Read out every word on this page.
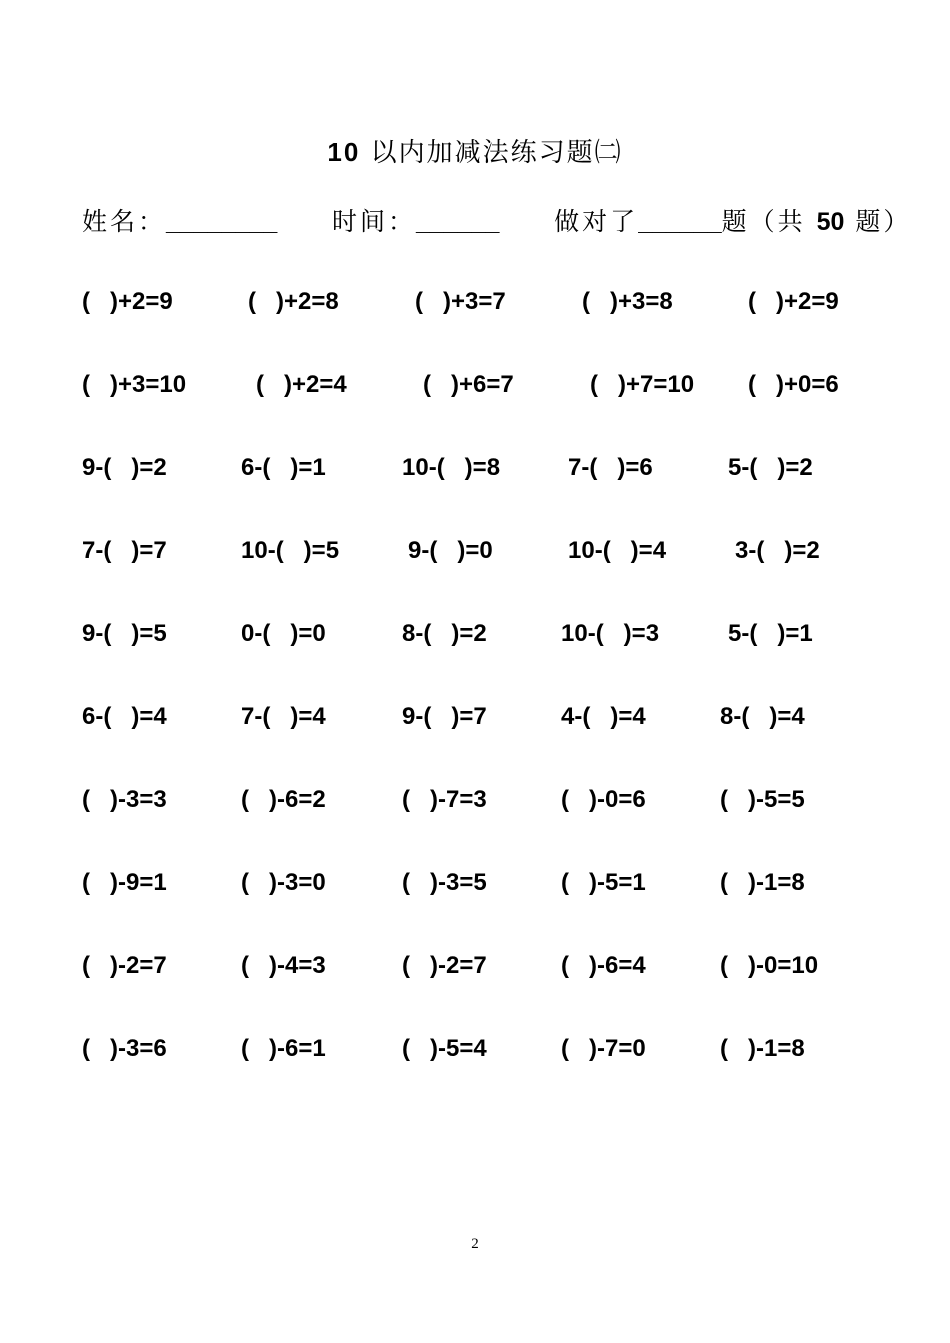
10 以内加减法练习题㈡
姓名：________ 时间：______ 做对了______题（共 50 题）
(   )+2=9	(   )+2=8	(   )+3=7	(   )+3=8	(   )+2=9
(   )+3=10	(   )+2=4	(   )+6=7	(   )+7=10 (   )+0=6
9-(   )=2	6-(   )=1	10-(   )=8	7-(   )=6	5-(   )=2
7-(   )=7	10-(   )=5	9-(   )=0	10-(   )=4	3-(   )=2
9-(   )=5	0-(   )=0	8-(   )=2	10-(   )=3	5-(   )=1
6-(   )=4	7-(   )=4	9-(   )=7	4-(   )=4	8-(   )=4
(   )-3=3	(   )-6=2	(   )-7=3	(   )-0=6	(   )-5=5
(   )-9=1	(   )-3=0	(   )-3=5	(   )-5=1	(   )-1=8
(   )-2=7	(   )-4=3	(   )-2=7	(   )-6=4	(   )-0=10
(   )-3=6	(   )-6=1	(   )-5=4	(   )-7=0	(   )-1=8
2
